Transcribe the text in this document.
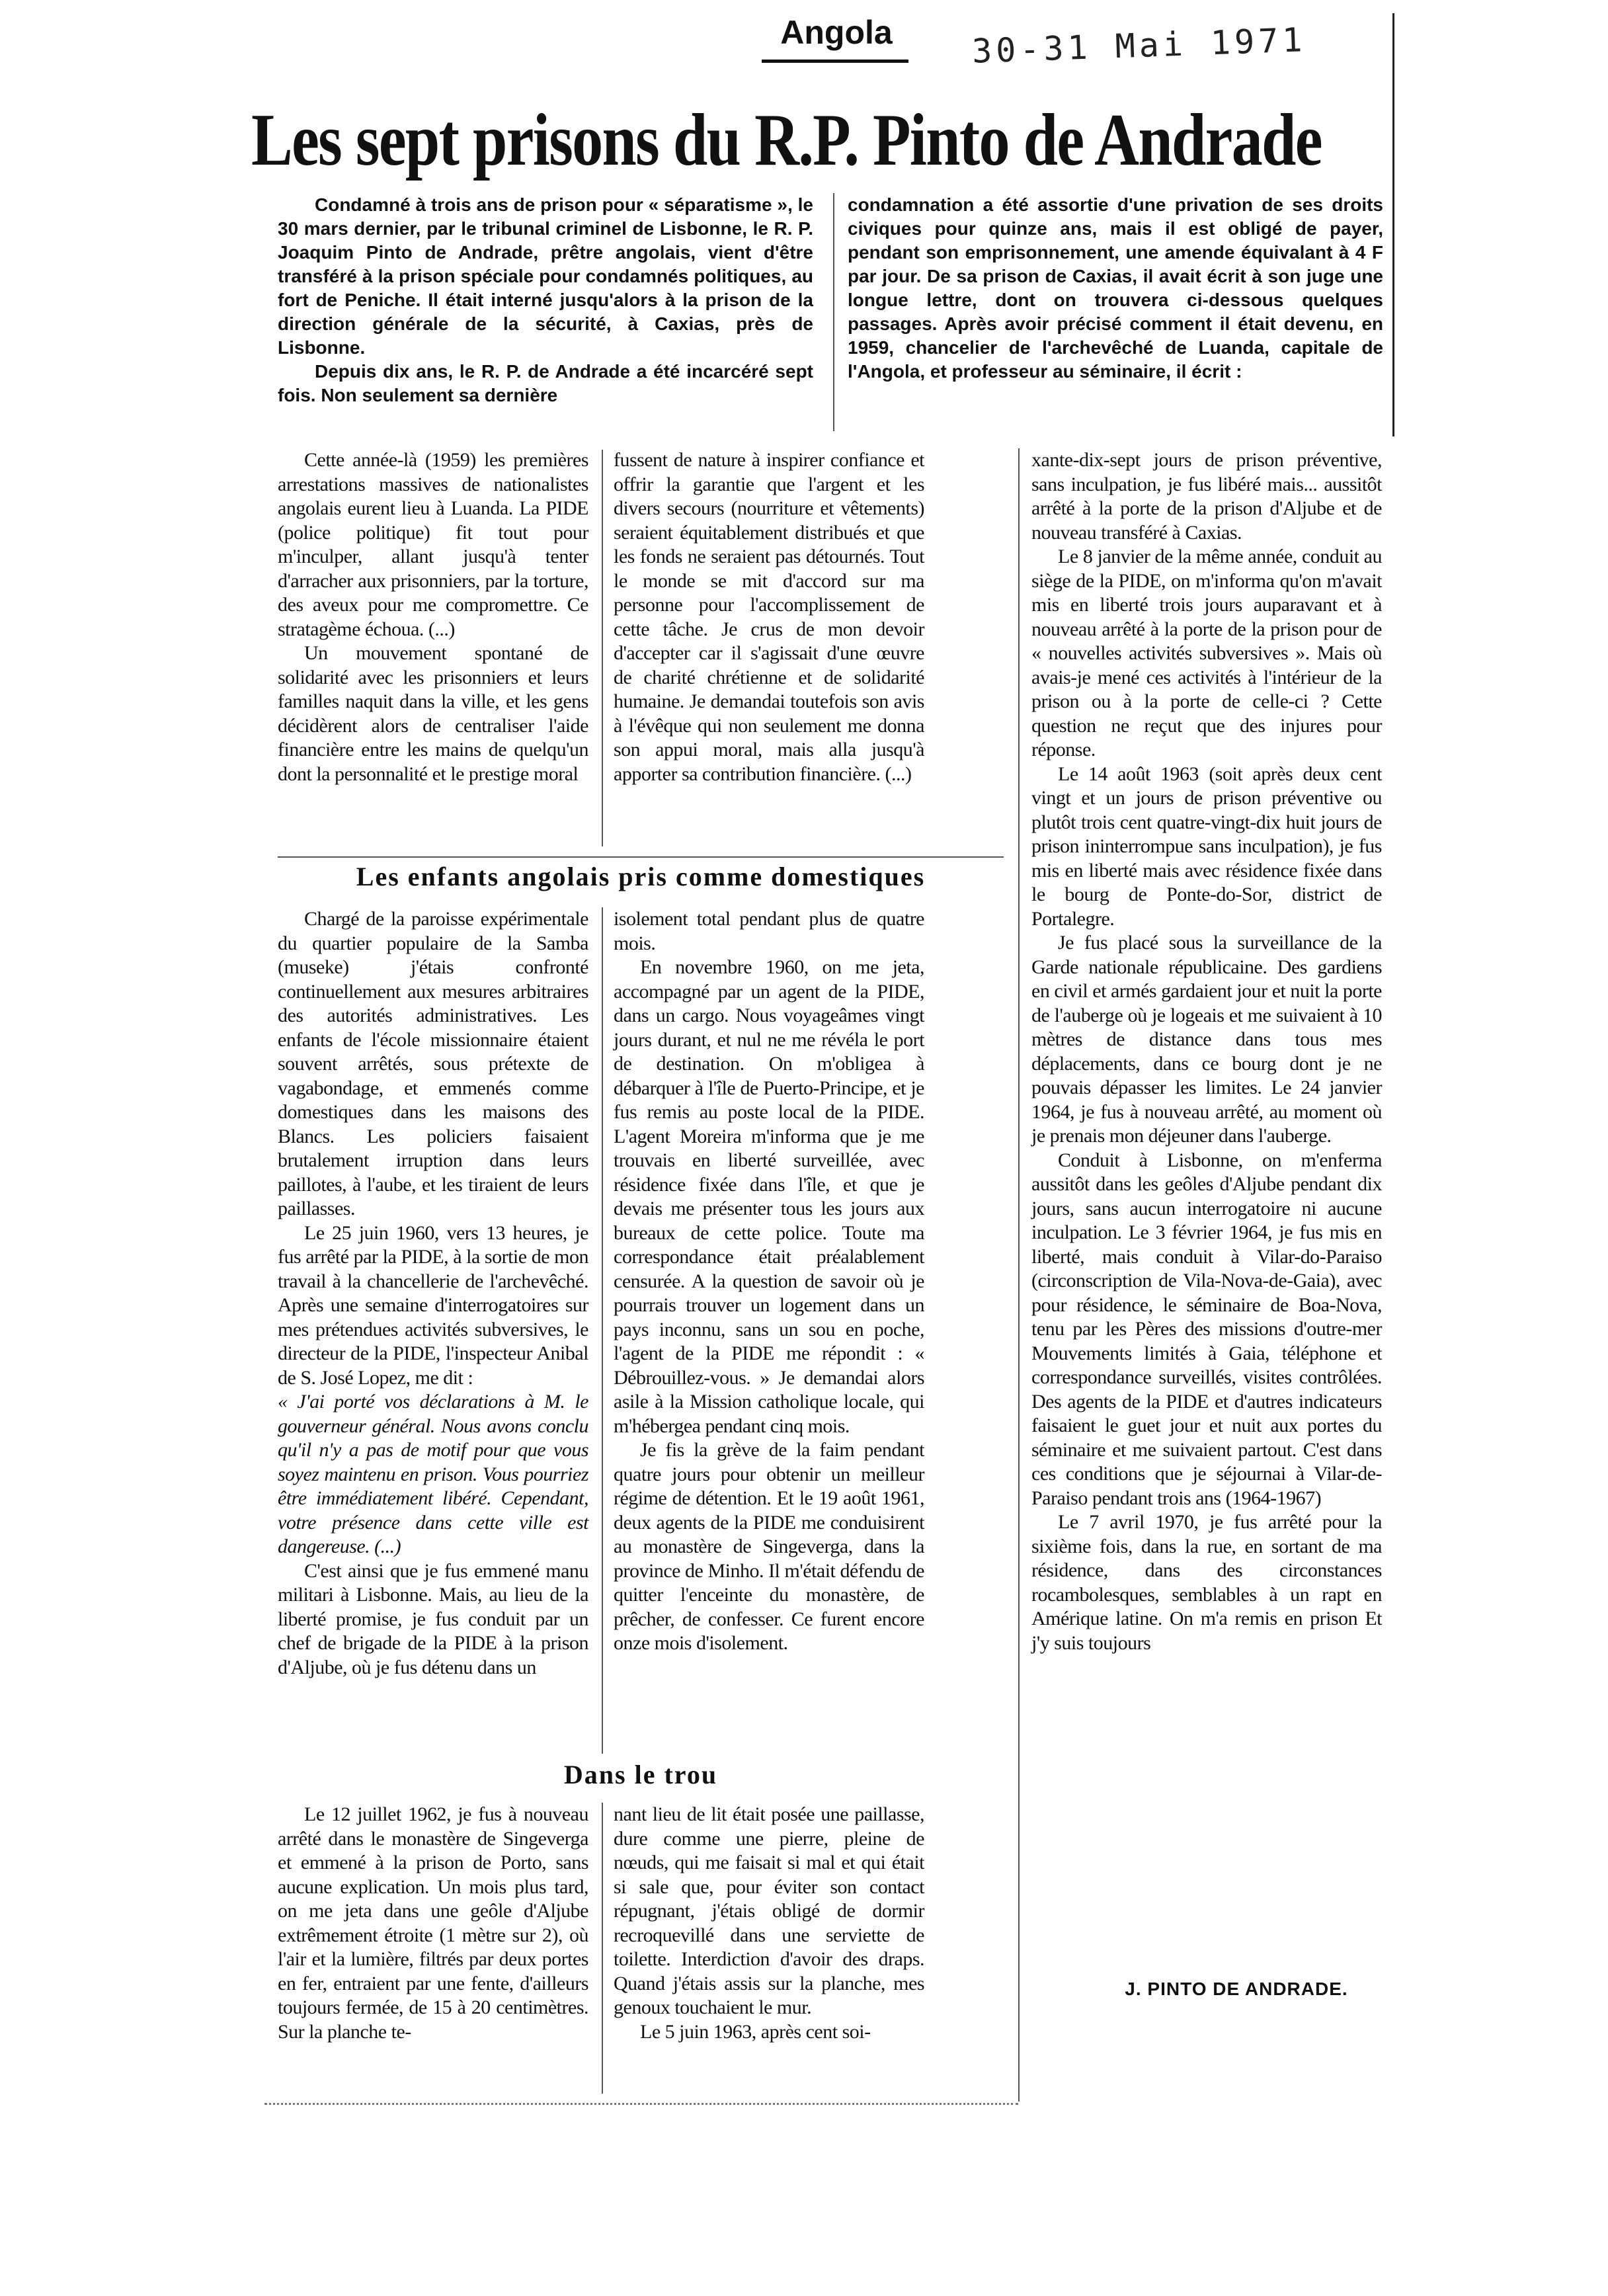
Angola	30-31 Mai 1971
Les sept prisons du R.P. Pinto de Andrade

Condamné à trois ans de prison pour « séparatisme », le 30 mars dernier, par le tribunal criminel de Lisbonne, le R. P. Joaquim Pinto de Andrade, prêtre angolais, vient d'être transféré à la prison spéciale pour condamnés politiques, au fort de Peniche. Il était interné jusqu'alors à la prison de la direction générale de la sécurité, à Caxias, près de Lisbonne.

Depuis dix ans, le R. P. de Andrade a été incarcéré sept fois. Non seulement sa dernière

condamnation a été assortie d'une privation de ses droits civiques pour quinze ans, mais il est obligé de payer, pendant son emprisonnement, une amende équivalant à 4 F par jour. De sa prison de Caxias, il avait écrit à son juge une longue lettre, dont on trouvera ci-dessous quelques passages. Après avoir précisé comment il était devenu, en 1959, chancelier de l'archevêché de Luanda, capitale de l'Angola, et professeur au séminaire, il écrit :

Cette année-là (1959) les premières arrestations massives de nationalistes angolais eurent lieu à Luanda. La PIDE (police politique) fit tout pour m'inculper, allant jusqu'à tenter d'arracher aux prisonniers, par la torture, des aveux pour me compromettre. Ce stratagème échoua. (...)

Un mouvement spontané de solidarité avec les prisonniers et leurs familles naquit dans la ville, et les gens décidèrent alors de centraliser l'aide financière entre les mains de quelqu'un dont la personnalité et le prestige moral

fussent de nature à inspirer confiance et offrir la garantie que l'argent et les divers secours (nourriture et vêtements) seraient équitablement distribués et que les fonds ne seraient pas détournés. Tout le monde se mit d'accord sur ma personne pour l'accomplissement de cette tâche. Je crus de mon devoir d'accepter car il s'agissait d'une œuvre de charité chrétienne et de solidarité humaine. Je demandai toutefois son avis à l'évêque qui non seulement me donna son appui moral, mais alla jusqu'à apporter sa contribution financière. (...)

Les enfants angolais pris comme domestiques

Chargé de la paroisse expérimentale du quartier populaire de la Samba (museke) j'étais confronté continuellement aux mesures arbitraires des autorités administratives. Les enfants de l'école missionnaire étaient souvent arrêtés, sous prétexte de vagabondage, et emmenés comme domestiques dans les maisons des Blancs. Les policiers faisaient brutalement irruption dans leurs paillotes, à l'aube, et les tiraient de leurs paillasses.

Le 25 juin 1960, vers 13 heures, je fus arrêté par la PIDE, à la sortie de mon travail à la chancellerie de l'archevêché. Après une semaine d'interrogatoires sur mes prétendues activités subversives, le directeur de la PIDE, l'inspecteur Anibal de S. José Lopez, me dit :

« J'ai porté vos déclarations à M. le gouverneur général. Nous avons conclu qu'il n'y a pas de motif pour que vous soyez maintenu en prison. Vous pourriez être immédiatement libéré. Cependant, votre présence dans cette ville est dangereuse. (...)

C'est ainsi que je fus emmené manu militari à Lisbonne. Mais, au lieu de la liberté promise, je fus conduit par un chef de brigade de la PIDE à la prison d'Aljube, où je fus détenu dans un

isolement total pendant plus de quatre mois.

En novembre 1960, on me jeta, accompagné par un agent de la PIDE, dans un cargo. Nous voyageâmes vingt jours durant, et nul ne me révéla le port de destination. On m'obligea à débarquer à l'île de Puerto-Principe, et je fus remis au poste local de la PIDE. L'agent Moreira m'informa que je me trouvais en liberté surveillée, avec résidence fixée dans l'île, et que je devais me présenter tous les jours aux bureaux de cette police. Toute ma correspondance était préalablement censurée. A la question de savoir où je pourrais trouver un logement dans un pays inconnu, sans un sou en poche, l'agent de la PIDE me répondit : « Débrouillez-vous. » Je demandai alors asile à la Mission catholique locale, qui m'hébergea pendant cinq mois.

Je fis la grève de la faim pendant quatre jours pour obtenir un meilleur régime de détention. Et le 19 août 1961, deux agents de la PIDE me conduisirent au monastère de Singeverga, dans la province de Minho. Il m'était défendu de quitter l'enceinte du monastère, de prêcher, de confesser. Ce furent encore onze mois d'isolement.

Dans le trou

Le 12 juillet 1962, je fus à nouveau arrêté dans le monastère de Singeverga et emmené à la prison de Porto, sans aucune explication. Un mois plus tard, on me jeta dans une geôle d'Aljube extrêmement étroite (1 mètre sur 2), où l'air et la lumière, filtrés par deux portes en fer, entraient par une fente, d'ailleurs toujours fermée, de 15 à 20 centimètres. Sur la planche te-

nant lieu de lit était posée une paillasse, dure comme une pierre, pleine de nœuds, qui me faisait si mal et qui était si sale que, pour éviter son contact répugnant, j'étais obligé de dormir recroquevillé dans une serviette de toilette. Interdiction d'avoir des draps. Quand j'étais assis sur la planche, mes genoux touchaient le mur.

Le 5 juin 1963, après cent soi-

xante-dix-sept jours de prison préventive, sans inculpation, je fus libéré mais... aussitôt arrêté à la porte de la prison d'Aljube et de nouveau transféré à Caxias.

Le 8 janvier de la même année, conduit au siège de la PIDE, on m'informa qu'on m'avait mis en liberté trois jours auparavant et à nouveau arrêté à la porte de la prison pour de « nouvelles activités subversives ». Mais où avais-je mené ces activités à l'intérieur de la prison ou à la porte de celle-ci ? Cette question ne reçut que des injures pour réponse.

Le 14 août 1963 (soit après deux cent vingt et un jours de prison préventive ou plutôt trois cent quatre-vingt-dix huit jours de prison ininterrompue sans inculpation), je fus mis en liberté mais avec résidence fixée dans le bourg de Ponte-do-Sor, district de Portalegre.

Je fus placé sous la surveillance de la Garde nationale républicaine. Des gardiens en civil et armés gardaient jour et nuit la porte de l'auberge où je logeais et me suivaient à 10 mètres de distance dans tous mes déplacements, dans ce bourg dont je ne pouvais dépasser les limites. Le 24 janvier 1964, je fus à nouveau arrêté, au moment où je prenais mon déjeuner dans l'auberge.

Conduit à Lisbonne, on m'enferma aussitôt dans les geôles d'Aljube pendant dix jours, sans aucun interrogatoire ni aucune inculpation. Le 3 février 1964, je fus mis en liberté, mais conduit à Vilar-do-Paraiso (circonscription de Vila-Nova-de-Gaia), avec pour résidence, le séminaire de Boa-Nova, tenu par les Pères des missions d'outre-mer Mouvements limités à Gaia, téléphone et correspondance surveillés, visites contrôlées. Des agents de la PIDE et d'autres indicateurs faisaient le guet jour et nuit aux portes du séminaire et me suivaient partout. C'est dans ces conditions que je séjournai à Vilar-de-Paraiso pendant trois ans (1964-1967)

Le 7 avril 1970, je fus arrêté pour la sixième fois, dans la rue, en sortant de ma résidence, dans des circonstances rocambolesques, semblables à un rapt en Amérique latine. On m'a remis en prison Et j'y suis toujours

J. PINTO DE ANDRADE.
